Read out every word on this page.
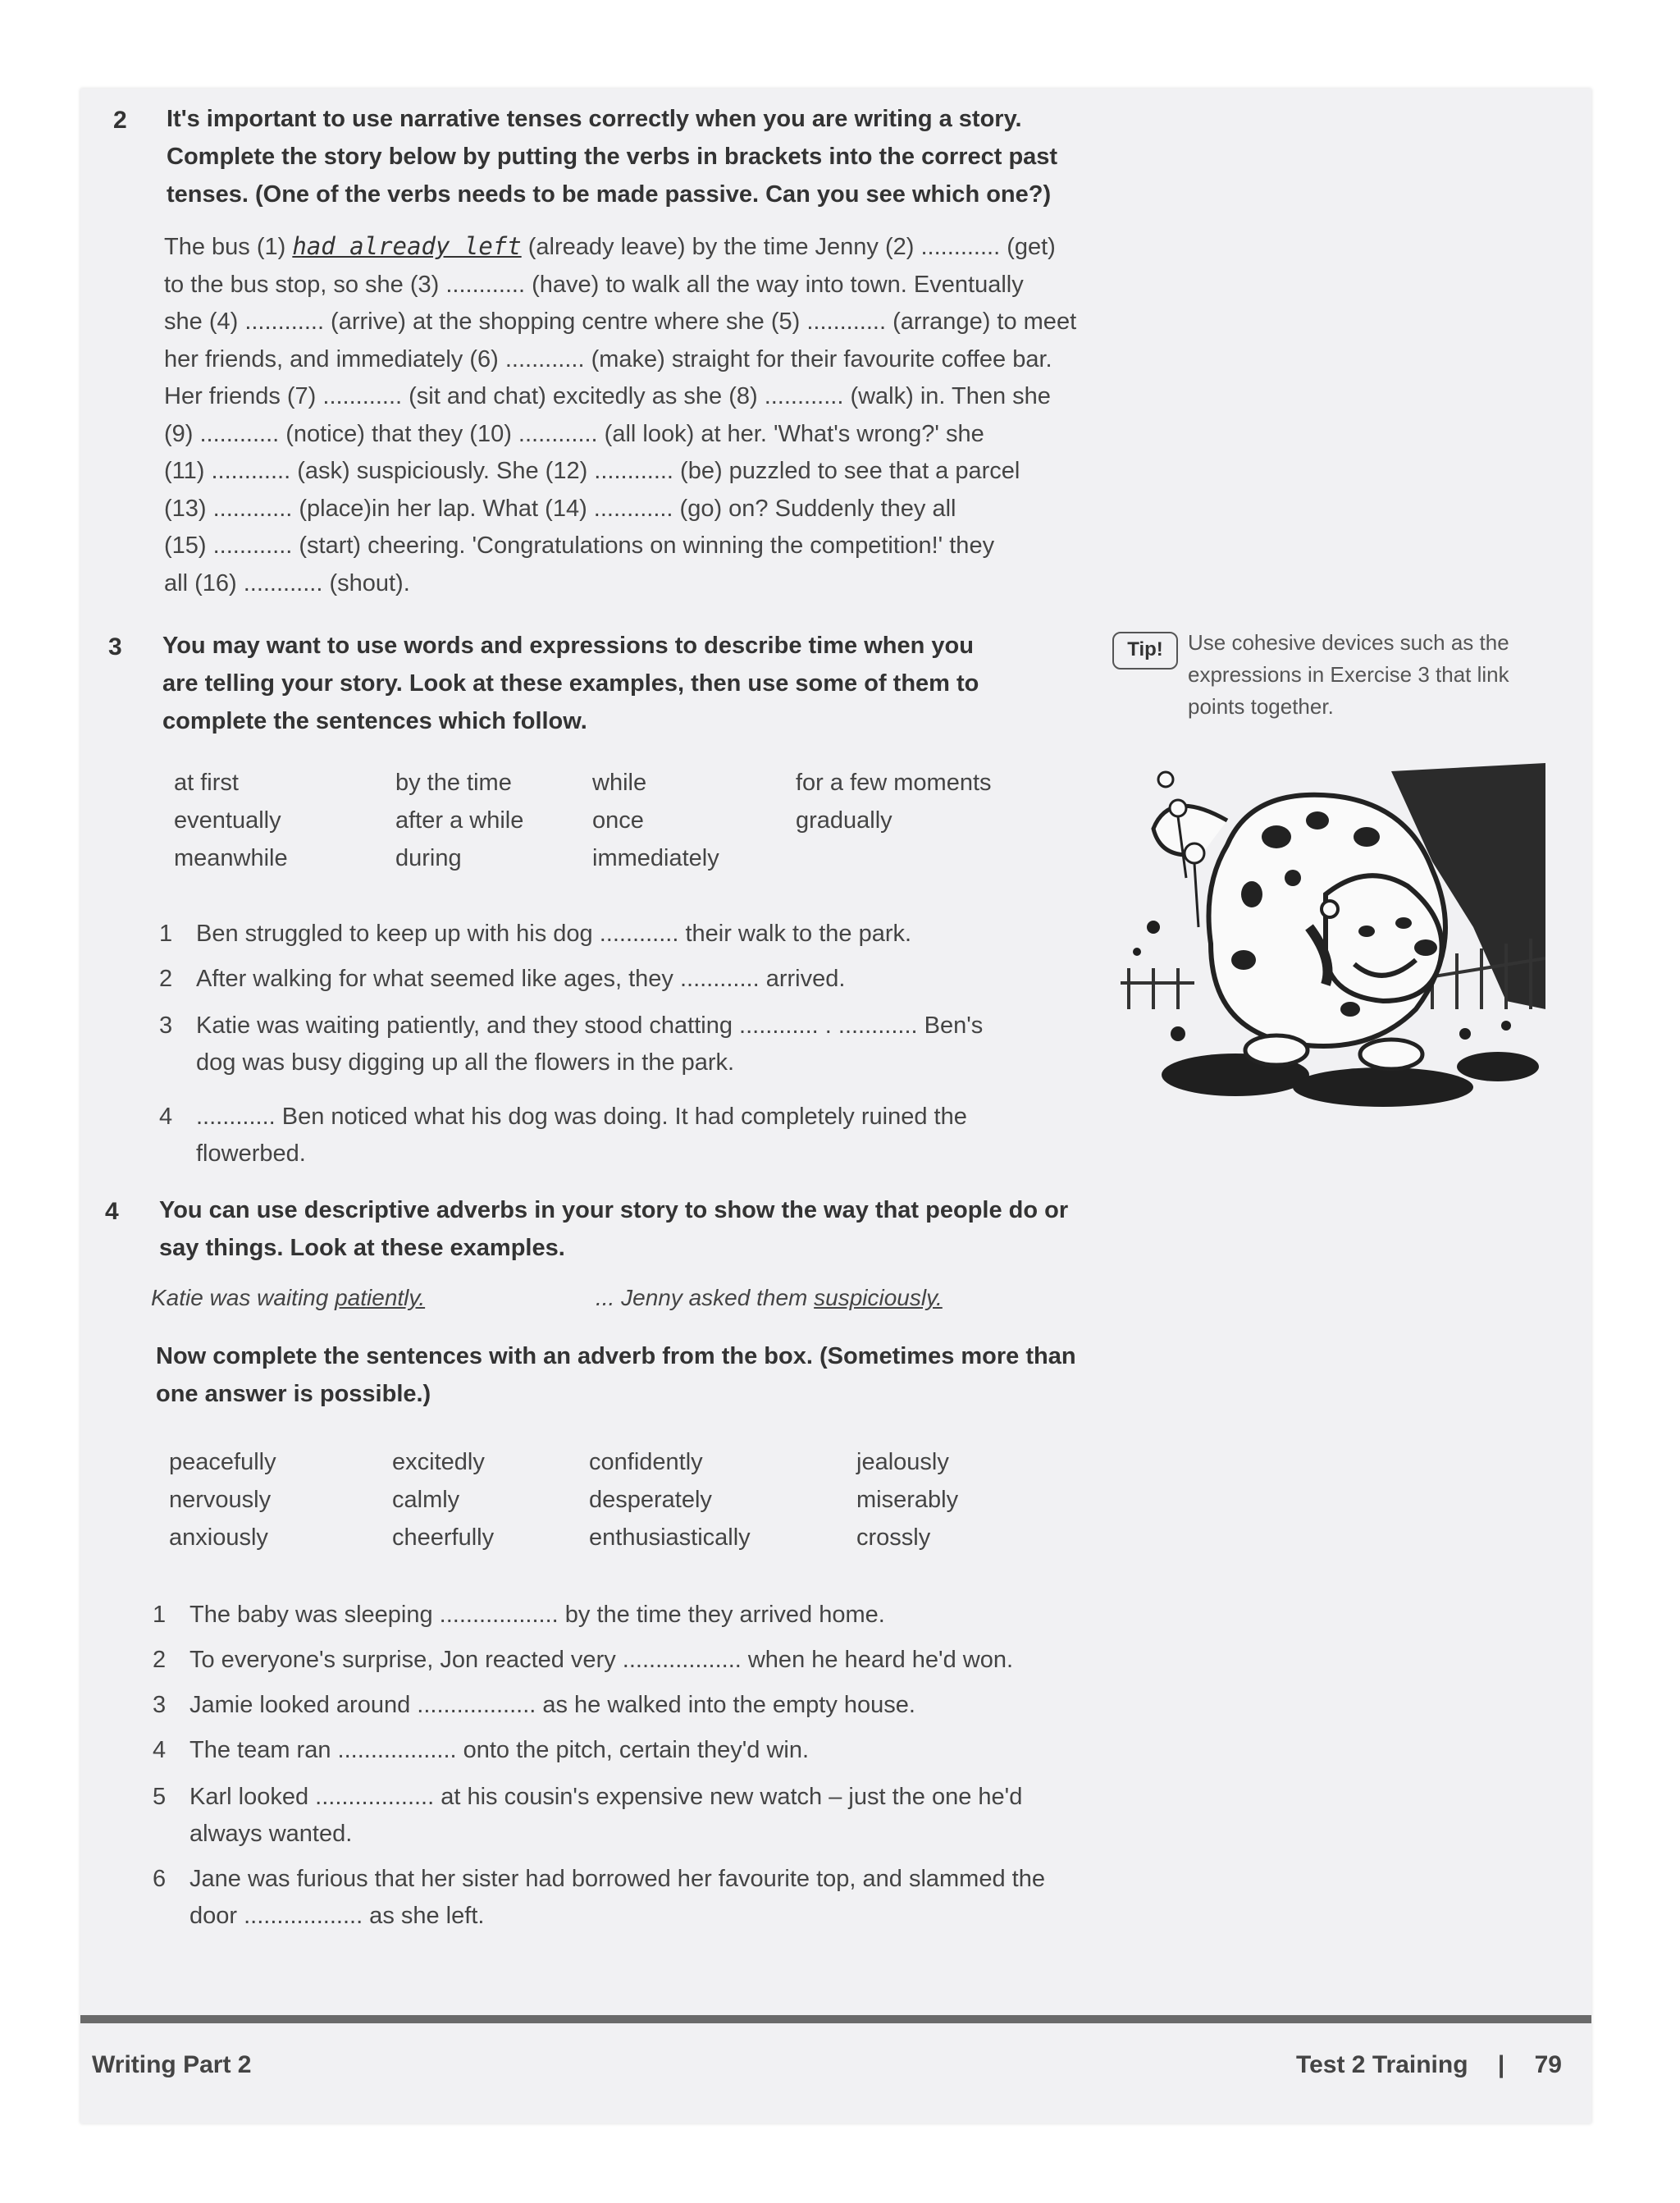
2 It's important to use narrative tenses correctly when you are writing a story.
Complete the story below by putting the verbs in brackets into the correct past
tenses. (One of the verbs needs to be made passive. Can you see which one?)
The bus (1) had already left (already leave) by the time Jenny (2) ............ (get)
to the bus stop, so she (3) ............ (have) to walk all the way into town. Eventually
she (4) ............ (arrive) at the shopping centre where she (5) ............ (arrange) to meet
her friends, and immediately (6) ............ (make) straight for their favourite coffee bar.
Her friends (7) ............ (sit and chat) excitedly as she (8) ............ (walk) in. Then she
(9) ............ (notice) that they (10) ............ (all look) at her. 'What's wrong?' she
(11) ............ (ask) suspiciously. She (12) ............ (be) puzzled to see that a parcel
(13) ............ (place)in her lap. What (14) ............ (go) on? Suddenly they all
(15) ............ (start) cheering. 'Congratulations on winning the competition!' they
all (16) ............ (shout).
3 You may want to use words and expressions to describe time when you
are telling your story. Look at these examples, then use some of them to
complete the sentences which follow.
Tip!	Use cohesive devices such as the
expressions in Exercise 3 that link
points together.
at first	by the time	while	for a few moments
eventually	after a while	once	gradually
meanwhile	during	immediately
1 Ben struggled to keep up with his dog ............ their walk to the park.
2 After walking for what seemed like ages, they ............ arrived.
3 Katie was waiting patiently, and they stood chatting ............ . ............ Ben's
dog was busy digging up all the flowers in the park.
4 ............ Ben noticed what his dog was doing. It had completely ruined the
flowerbed.
4 You can use descriptive adverbs in your story to show the way that people do or
say things. Look at these examples.
Katie was waiting patiently.	... Jenny asked them suspiciously.
Now complete the sentences with an adverb from the box. (Sometimes more than
one answer is possible.)
peacefully	excitedly	confidently	jealously
nervously	calmly	desperately	miserably
anxiously	cheerfully	enthusiastically	crossly
1 The baby was sleeping .................. by the time they arrived home.
2 To everyone's surprise, Jon reacted very .................. when he heard he'd won.
3 Jamie looked around .................. as he walked into the empty house.
4 The team ran .................. onto the pitch, certain they'd win.
5 Karl looked .................. at his cousin's expensive new watch – just the one he'd
always wanted.
6 Jane was furious that her sister had borrowed her favourite top, and slammed the
door .................. as she left.
Writing Part 2	Test 2 Training | 79
